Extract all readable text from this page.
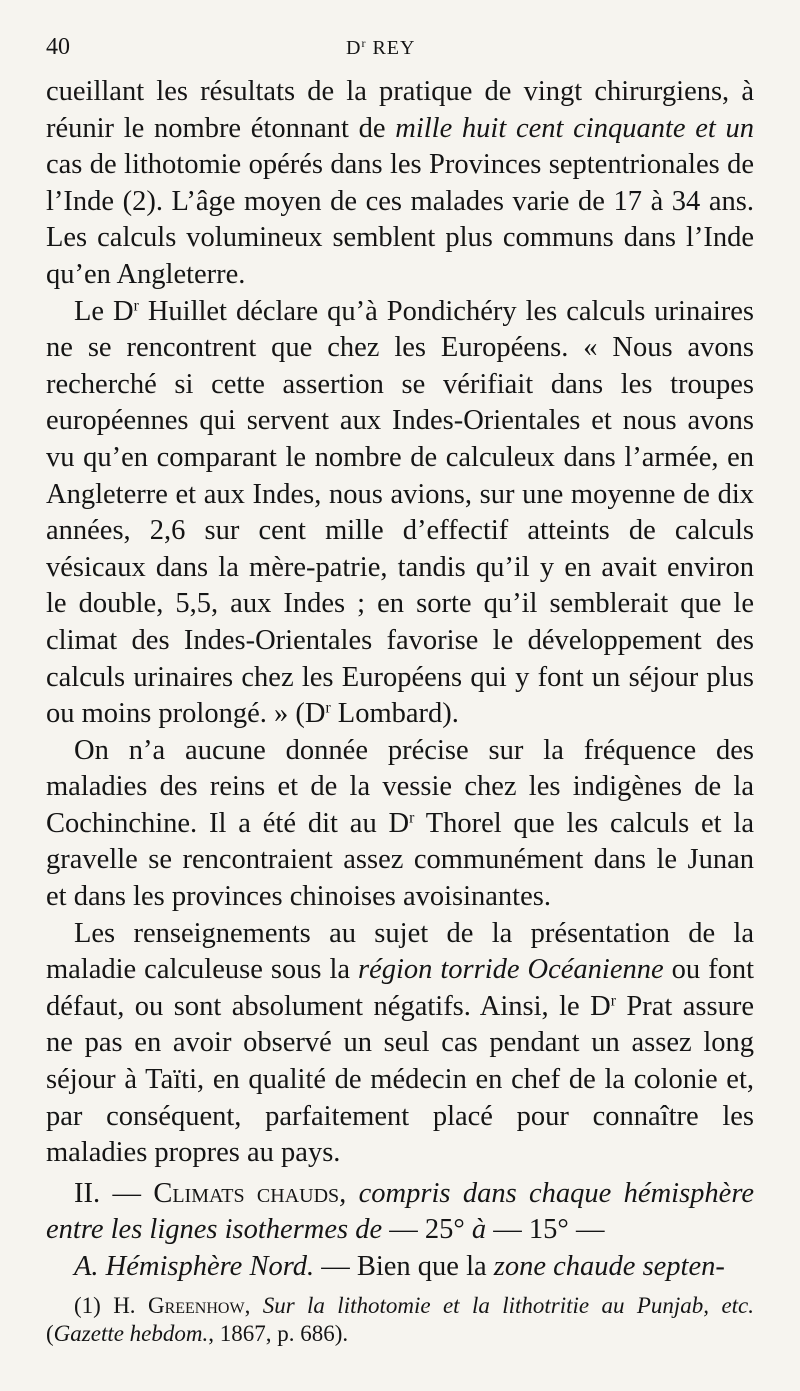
40	$D^r$ REY

cueillant les résultats de la pratique de vingt chirurgiens, à réunir le nombre étonnant de mille huit cent cinquante et un cas de lithotomie opérés dans les Provinces septentrionales de l’Inde (2). L’âge moyen de ces malades varie de 17 à 34 ans. Les calculs volumineux semblent plus communs dans l’Inde qu’en Angleterre.

Le $D^r$ Huillet déclare qu’à Pondichéry les calculs urinaires ne se rencontrent que chez les Européens. « Nous avons recherché si cette assertion se vérifiait dans les troupes européennes qui servent aux Indes-Orientales et nous avons vu qu’en comparant le nombre de calculeux dans l’armée, en Angleterre et aux Indes, nous avions, sur une moyenne de dix années, 2,6 sur cent mille d’effectif atteints de calculs vésicaux dans la mère-patrie, tandis qu’il y en avait environ le double, 5,5, aux Indes ; en sorte qu’il semblerait que le climat des Indes-Orientales favorise le développement des calculs urinaires chez les Européens qui y font un séjour plus ou moins prolongé. » ($D^r$ Lombard).

On n’a aucune donnée précise sur la fréquence des maladies des reins et de la vessie chez les indigènes de la Cochinchine. Il a été dit au $D^r$ Thorel que les calculs et la gravelle se rencontraient assez communément dans le Junan et dans les provinces chinoises avoisinantes.

Les renseignements au sujet de la présentation de la maladie calculeuse sous la région torride Océanienne ou font défaut, ou sont absolument négatifs. Ainsi, le $D^r$ Prat assure ne pas en avoir observé un seul cas pendant un assez long séjour à Taïti, en qualité de médecin en chef de la colonie et, par conséquent, parfaitement placé pour connaître les maladies propres au pays.

II. — Climats chauds, compris dans chaque hémisphère entre les lignes isothermes de — 25° à — 15° —

A. Hémisphère Nord. — Bien que la zone chaude septen-

(1) H. Greenhow, Sur la lithotomie et la lithotritie au Punjab, etc. (Gazette hebdom., 1867, p. 686).
